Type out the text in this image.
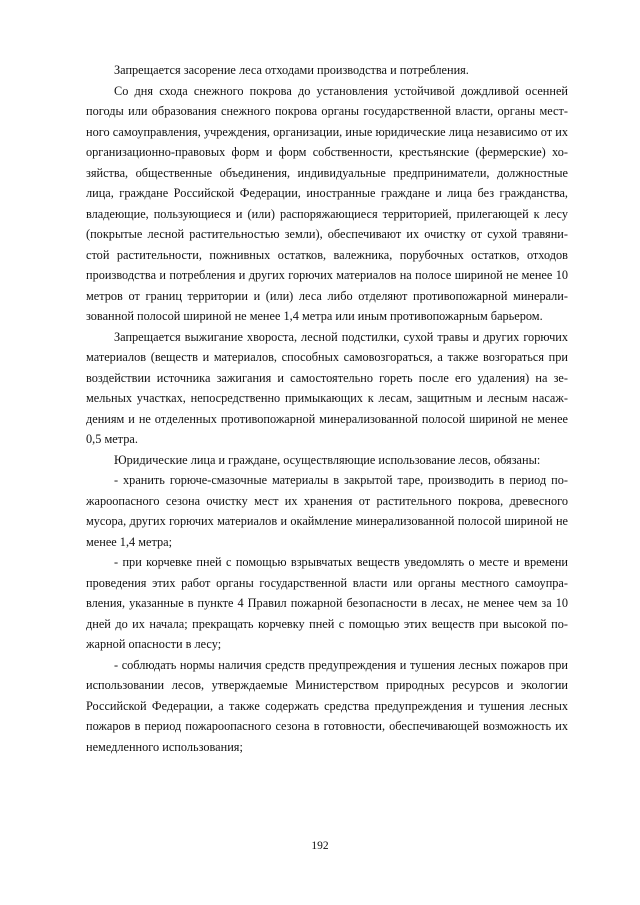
Запрещается засорение леса отходами производства и потребления.

Со дня схода снежного покрова до установления устойчивой дождливой осенней погоды или образования снежного покрова органы государственной власти, органы местного самоуправления, учреждения, организации, иные юридические лица независимо от их организационно-правовых форм и форм собственности, крестьянские (фермерские) хозяйства, общественные объединения, индивидуальные предприниматели, должностные лица, граждане Российской Федерации, иностранные граждане и лица без гражданства, владеющие, пользующиеся и (или) распоряжающиеся территорией, прилегающей к лесу (покрытые лесной растительностью земли), обеспечивают их очистку от сухой травянистой растительности, пожнивных остатков, валежника, порубочных остатков, отходов производства и потребления и других горючих материалов на полосе шириной не менее 10 метров от границ территории и (или) леса либо отделяют противопожарной минерализованной полосой шириной не менее 1,4 метра или иным противопожарным барьером.

Запрещается выжигание хвороста, лесной подстилки, сухой травы и других горючих материалов (веществ и материалов, способных самовозгораться, а также возгораться при воздействии источника зажигания и самостоятельно гореть после его удаления) на земельных участках, непосредственно примыкающих к лесам, защитным и лесным насаждениям и не отделенных противопожарной минерализованной полосой шириной не менее 0,5 метра.

Юридические лица и граждане, осуществляющие использование лесов, обязаны:

- хранить горюче-смазочные материалы в закрытой таре, производить в период пожароопасного сезона очистку мест их хранения от растительного покрова, древесного мусора, других горючих материалов и окаймление минерализованной полосой шириной не менее 1,4 метра;

- при корчевке пней с помощью взрывчатых веществ уведомлять о месте и времени проведения этих работ органы государственной власти или органы местного самоуправления, указанные в пункте 4 Правил пожарной безопасности в лесах, не менее чем за 10 дней до их начала; прекращать корчевку пней с помощью этих веществ при высокой пожарной опасности в лесу;

- соблюдать нормы наличия средств предупреждения и тушения лесных пожаров при использовании лесов, утверждаемые Министерством природных ресурсов и экологии Российской Федерации, а также содержать средства предупреждения и тушения лесных пожаров в период пожароопасного сезона в готовности, обеспечивающей возможность их немедленного использования;

192
